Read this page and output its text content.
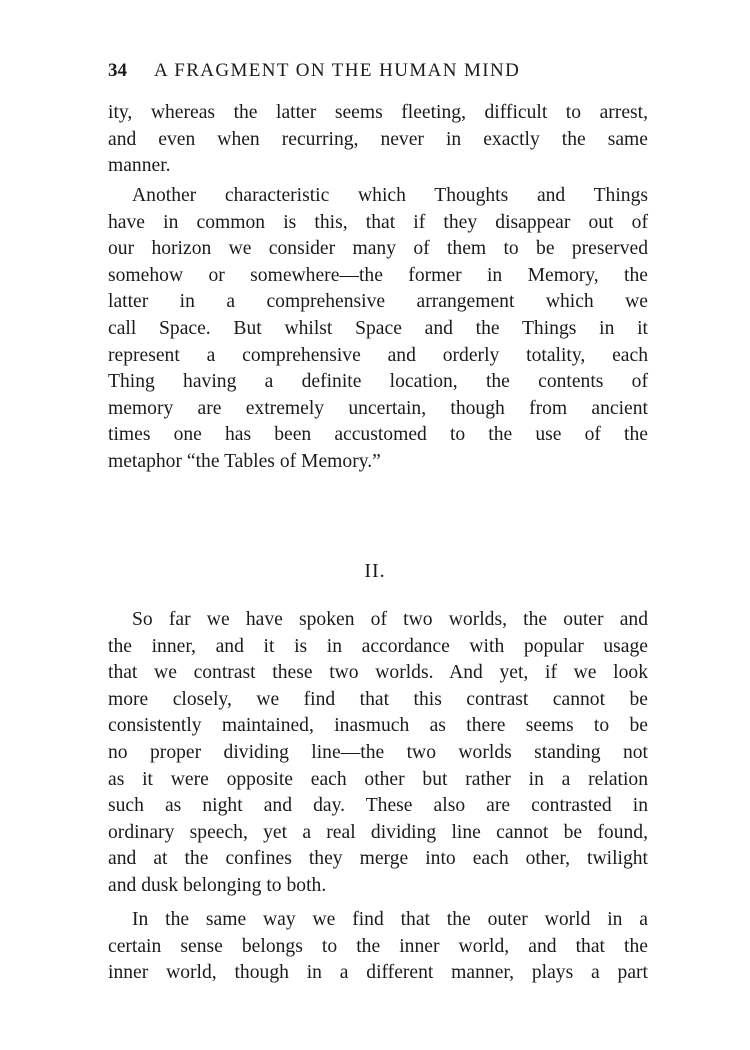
34 A FRAGMENT ON THE HUMAN MIND
ity, whereas the latter seems fleeting, difficult to arrest,
and even when recurring, never in exactly the same
manner.
Another characteristic which Thoughts and Things
have in common is this, that if they disappear out of
our horizon we consider many of them to be preserved
somehow or somewhere—the former in Memory, the
latter in a comprehensive arrangement which we
call Space. But whilst Space and the Things in it
represent a comprehensive and orderly totality, each
Thing having a definite location, the contents of
memory are extremely uncertain, though from ancient
times one has been accustomed to the use of the
metaphor “the Tables of Memory.”
II.
So far we have spoken of two worlds, the outer and
the inner, and it is in accordance with popular usage
that we contrast these two worlds. And yet, if we look
more closely, we find that this contrast cannot be
consistently maintained, inasmuch as there seems to be
no proper dividing line—the two worlds standing not
as it were opposite each other but rather in a relation
such as night and day. These also are contrasted in
ordinary speech, yet a real dividing line cannot be found,
and at the confines they merge into each other, twilight
and dusk belonging to both.
In the same way we find that the outer world in a
certain sense belongs to the inner world, and that the
inner world, though in a different manner, plays a part
